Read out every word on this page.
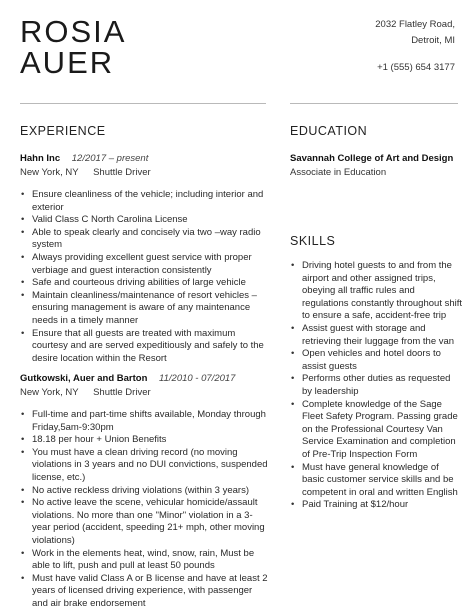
ROSIA
AUER
2032 Flatley Road,
Detroit, MI
+1 (555) 654 3177
EXPERIENCE	EDUCATION
SKILLS
Hahn Inc 12/2017 – present
New York, NY Shuttle Driver
• Ensure cleanliness of the vehicle; including interior and exterior
• Valid Class C North Carolina License
• Able to speak clearly and concisely via two –way radio system
• Always providing excellent guest service with proper verbiage and guest interaction consistently
• Safe and courteous driving abilities of large vehicle
• Maintain cleanliness/maintenance of resort vehicles –ensuring management is aware of any maintenance needs in a timely manner
• Ensure that all guests are treated with maximum courtesy and are served expeditiously and safely to the desire location within the Resort
Gutkowski, Auer and Barton 11/2010 - 07/2017
New York, NY Shuttle Driver
• Full-time and part-time shifts available, Monday through Friday,5am-9:30pm
• 18.18 per hour + Union Benefits
• You must have a clean driving record (no moving violations in 3 years and no DUI convictions, suspended license, etc.)
• No active reckless driving violations (within 3 years)
• No active leave the scene, vehicular homicide/assault violations. No more than one "Minor" violation in a 3-year period (accident, speeding 21+ mph, other moving violations)
• Work in the elements heat, wind, snow, rain, Must be able to lift, push and pull at least 50 pounds
• Must have valid Class A or B license and have at least 2 years of licensed driving experience, with passenger and air brake endorsement
Savannah College of Art and Design
Associate in Education
• Driving hotel guests to and from the airport and other assigned trips, obeying all traffic rules and regulations constantly throughout shift to ensure a safe, accident-free trip
• Assist guest with storage and retrieving their luggage from the van
• Open vehicles and hotel doors to assist guests
• Performs other duties as requested by leadership
• Complete knowledge of the Sage Fleet Safety Program. Passing grade on the Professional Courtesy Van Service Examination and completion of Pre-Trip Inspection Form
• Must have general knowledge of basic customer service skills and be competent in oral and written English
• Paid Training at $12/hour
